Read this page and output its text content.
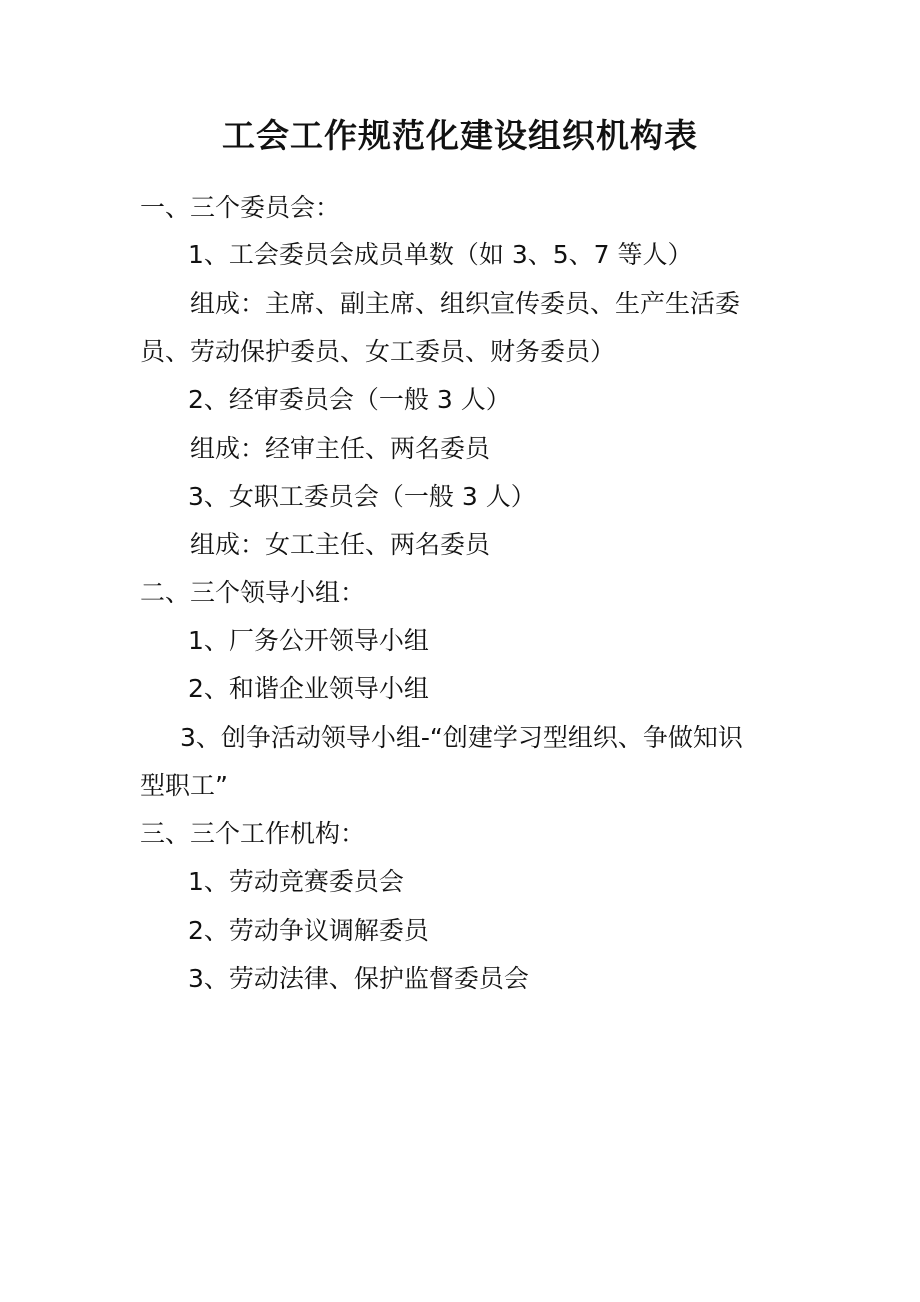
工会工作规范化建设组织机构表
一、三个委员会：
1、工会委员会成员单数（如 3、5、7 等人）
组成：主席、副主席、组织宣传委员、生产生活委
员、劳动保护委员、女工委员、财务委员）
2、经审委员会（一般 3 人）
组成：经审主任、两名委员
3、女职工委员会（一般 3 人）
组成：女工主任、两名委员
二、三个领导小组：
1、厂务公开领导小组
2、和谐企业领导小组
3、创争活动领导小组-“创建学习型组织、争做知识
型职工”
三、三个工作机构：
1、劳动竞赛委员会
2、劳动争议调解委员
3、劳动法律、保护监督委员会
